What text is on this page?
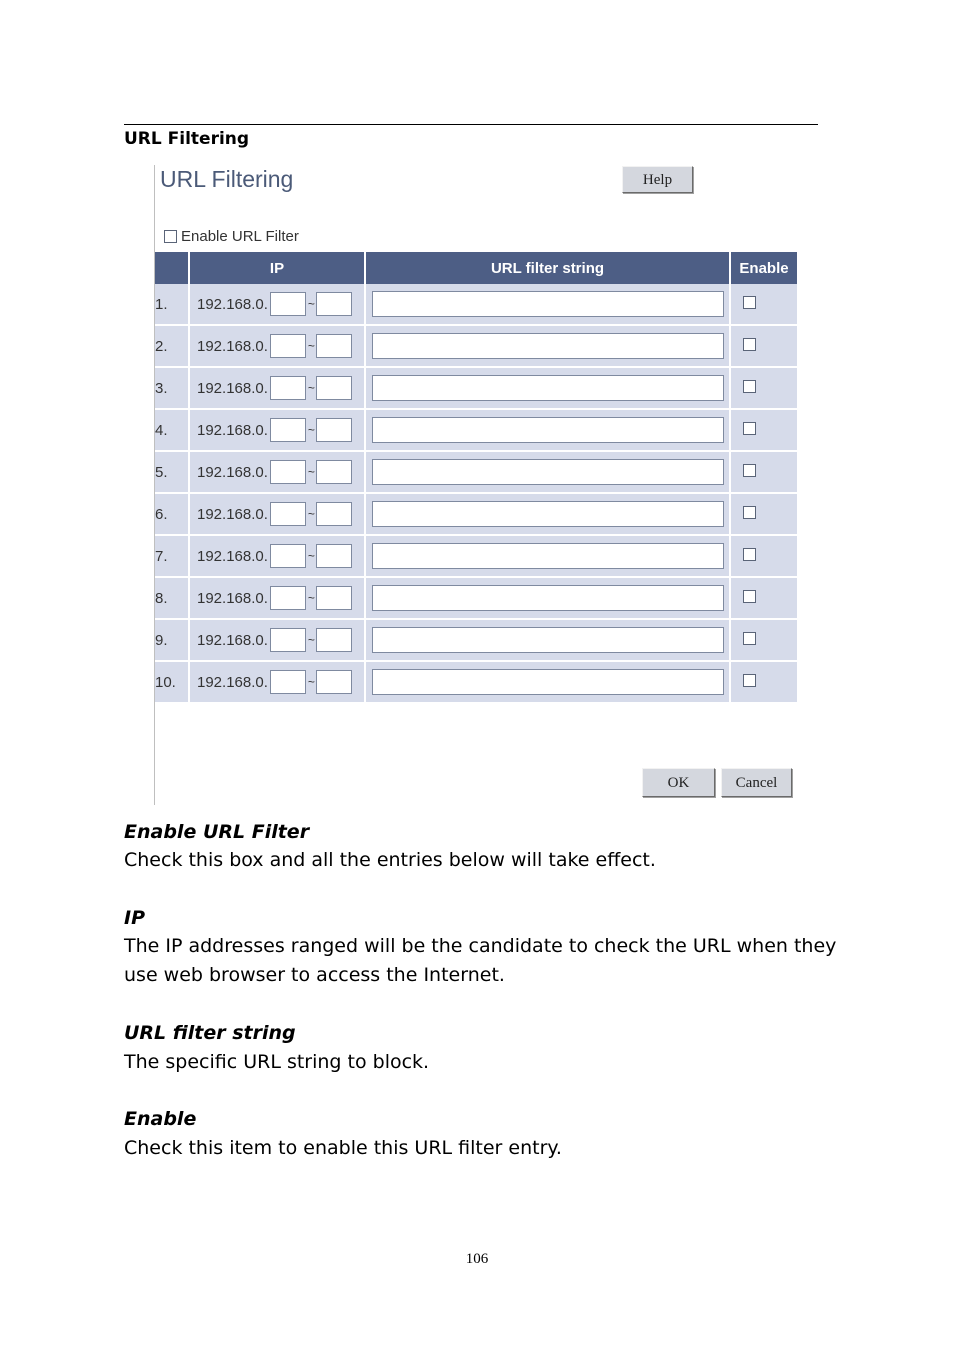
URL Filtering
URL Filtering	Help
Enable URL Filter
	IP	URL filter string	Enable
1.	192.168.0. ~

2.	192.168.0. ~

3.	192.168.0. ~

4.	192.168.0. ~

5.	192.168.0. ~

6.	192.168.0. ~

7.	192.168.0. ~

8.	192.168.0. ~

9.	192.168.0. ~

10.	192.168.0. ~

OK	Cancel
Enable URL Filter
Check this box and all the entries below will take effect.
IP
The IP addresses ranged will be the candidate to check the URL when they use web browser to access the Internet.
URL filter string
The specific URL string to block.
Enable
Check this item to enable this URL filter entry.
106
